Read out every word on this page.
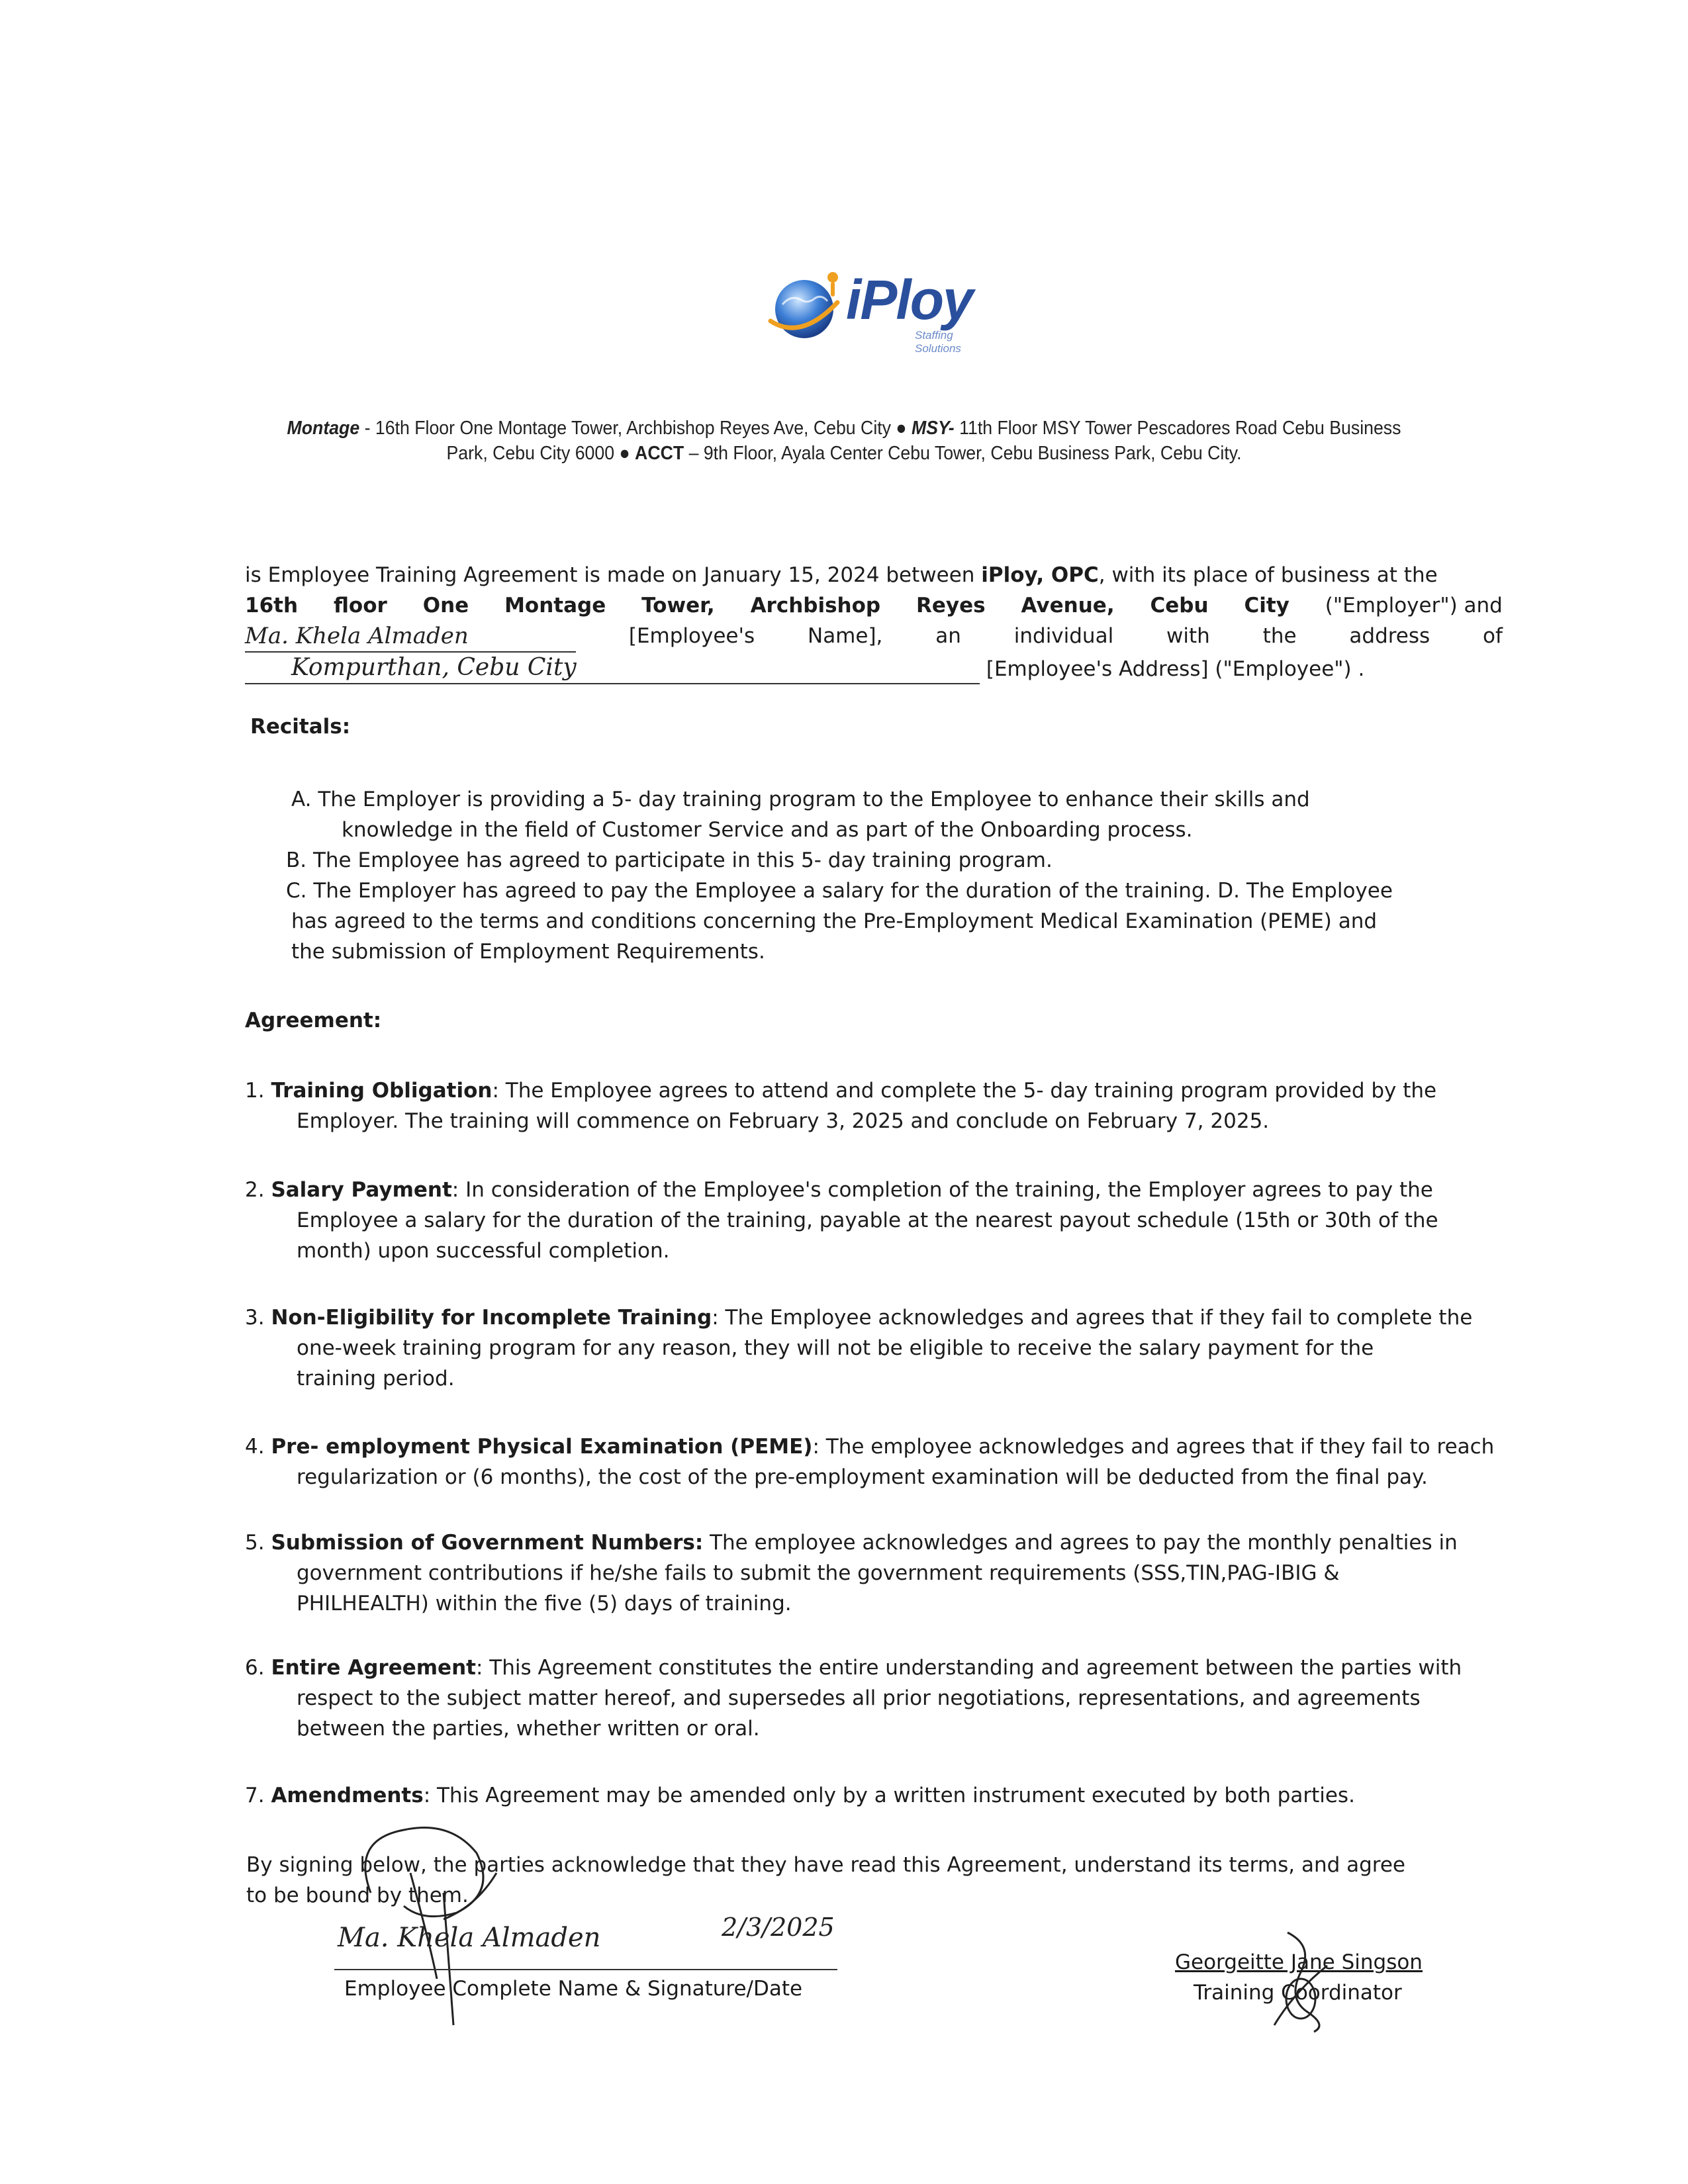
iPloy
Staffing Solutions
Montage - 16th Floor One Montage Tower, Archbishop Reyes Ave, Cebu City ● MSY- 11th Floor MSY Tower Pescadores Road Cebu Business Park, Cebu City 6000 ● ACCT – 9th Floor, Ayala Center Cebu Tower, Cebu Business Park, Cebu City.
is Employee Training Agreement is made on January 15, 2024 between iPloy, OPC, with its place of business at the
16th floor One Montage Tower, Archbishop Reyes Avenue, Cebu City ("Employer") and
Ma. Khela Almaden	[Employee's	Name],	an	individual	with	the	address	of
Kompurthan, Cebu City	[Employee's Address] ("Employee") .
Recitals:
A. The Employer is providing a 5- day training program to the Employee to enhance their skills and
knowledge in the field of Customer Service and as part of the Onboarding process.
B. The Employee has agreed to participate in this 5- day training program.
C. The Employer has agreed to pay the Employee a salary for the duration of the training. D. The Employee
has agreed to the terms and conditions concerning the Pre-Employment Medical Examination (PEME) and
the submission of Employment Requirements.
Agreement:
1. Training Obligation: The Employee agrees to attend and complete the 5- day training program provided by the
Employer. The training will commence on February 3, 2025 and conclude on February 7, 2025.
2. Salary Payment: In consideration of the Employee's completion of the training, the Employer agrees to pay the
Employee a salary for the duration of the training, payable at the nearest payout schedule (15th or 30th of the
month) upon successful completion.
3. Non-Eligibility for Incomplete Training: The Employee acknowledges and agrees that if they fail to complete the
one-week training program for any reason, they will not be eligible to receive the salary payment for the
training period.
4. Pre- employment Physical Examination (PEME): The employee acknowledges and agrees that if they fail to reach
regularization or (6 months), the cost of the pre-employment examination will be deducted from the final pay.
5. Submission of Government Numbers: The employee acknowledges and agrees to pay the monthly penalties in
government contributions if he/she fails to submit the government requirements (SSS,TIN,PAG-IBIG &
PHILHEALTH) within the five (5) days of training.
6. Entire Agreement: This Agreement constitutes the entire understanding and agreement between the parties with
respect to the subject matter hereof, and supersedes all prior negotiations, representations, and agreements
between the parties, whether written or oral.
7. Amendments: This Agreement may be amended only by a written instrument executed by both parties.
By signing below, the parties acknowledge that they have read this Agreement, understand its terms, and agree
to be bound by them.
Ma. Khela Almaden	2/3/2025
Employee Complete Name & Signature/Date
Georgeitte Jane Singson
Training Coordinator
